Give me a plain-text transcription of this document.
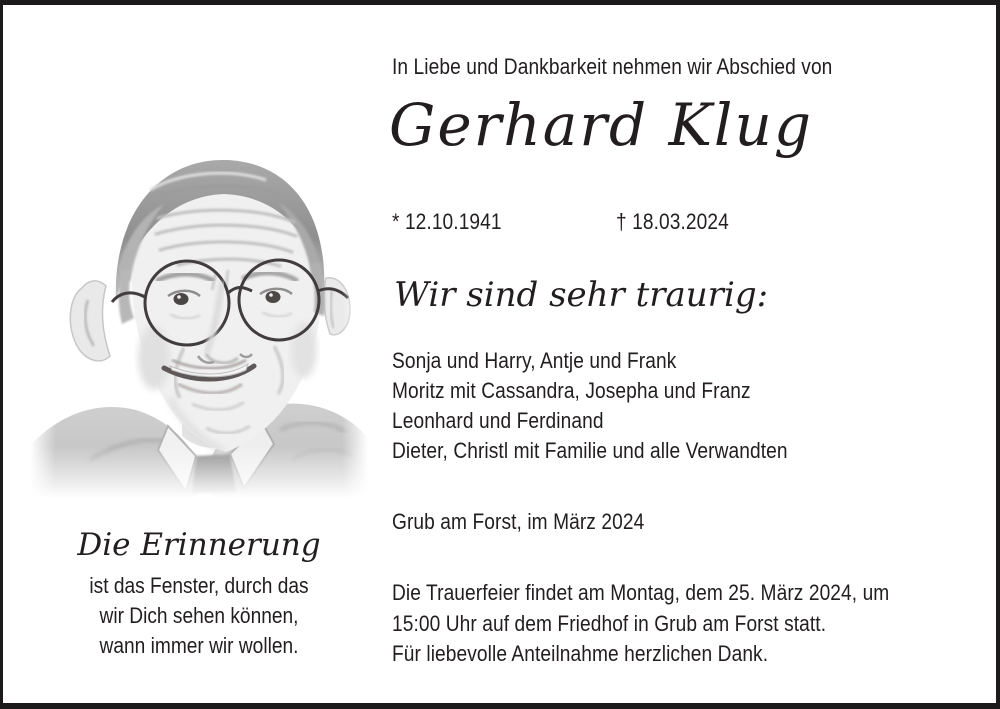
In Liebe und Dankbarkeit nehmen wir Abschied von
Gerhard Klug
* 12.10.1941	† 18.03.2024
Wir sind sehr traurig:
Sonja und Harry, Antje und Frank
Moritz mit Cassandra, Josepha und Franz
Leonhard und Ferdinand
Dieter, Christl mit Familie und alle Verwandten
Grub am Forst, im März 2024
Die Trauerfeier findet am Montag, dem 25. März 2024, um
15:00 Uhr auf dem Friedhof in Grub am Forst statt.
Für liebevolle Anteilnahme herzlichen Dank.
Die Erinnerung
ist das Fenster, durch das
wir Dich sehen können,
wann immer wir wollen.
